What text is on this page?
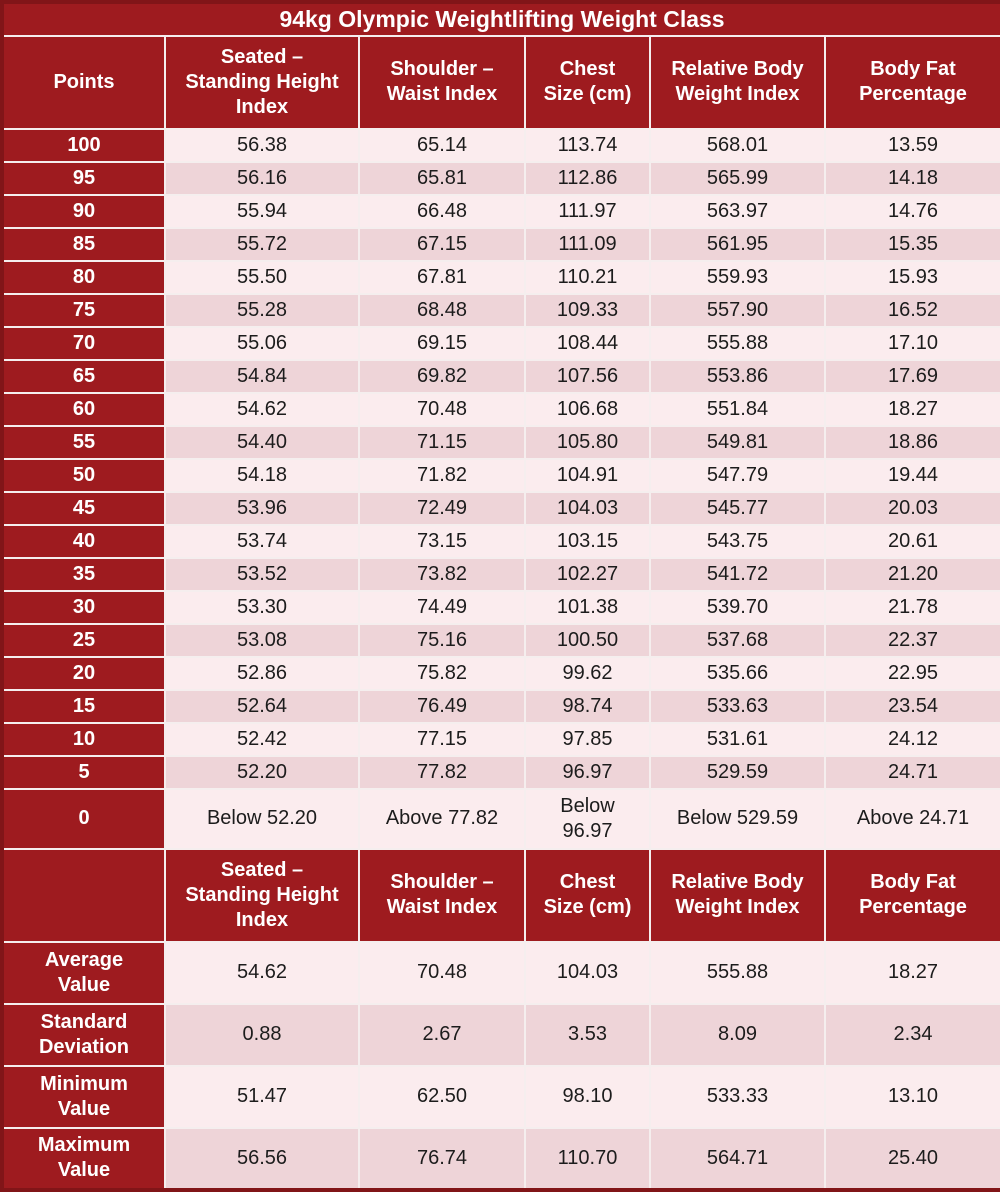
94kg Olympic Weightlifting Weight Class					
Points	Seated – Standing Height Index	Shoulder – Waist Index	Chest Size (cm)	Relative Body Weight Index	Body Fat Percentage
100	56.38	65.14	113.74	568.01	13.59
95	56.16	65.81	112.86	565.99	14.18
90	55.94	66.48	111.97	563.97	14.76
85	55.72	67.15	111.09	561.95	15.35
80	55.50	67.81	110.21	559.93	15.93
75	55.28	68.48	109.33	557.90	16.52
70	55.06	69.15	108.44	555.88	17.10
65	54.84	69.82	107.56	553.86	17.69
60	54.62	70.48	106.68	551.84	18.27
55	54.40	71.15	105.80	549.81	18.86
50	54.18	71.82	104.91	547.79	19.44
45	53.96	72.49	104.03	545.77	20.03
40	53.74	73.15	103.15	543.75	20.61
35	53.52	73.82	102.27	541.72	21.20
30	53.30	74.49	101.38	539.70	21.78
25	53.08	75.16	100.50	537.68	22.37
20	52.86	75.82	99.62	535.66	22.95
15	52.64	76.49	98.74	533.63	23.54
10	52.42	77.15	97.85	531.61	24.12
5	52.20	77.82	96.97	529.59	24.71
0	Below 52.20	Above 77.82	Below 96.97	Below 529.59	Above 24.71
	Seated – Standing Height Index	Shoulder – Waist Index	Chest Size (cm)	Relative Body Weight Index	Body Fat Percentage
Average Value	54.62	70.48	104.03	555.88	18.27
Standard Deviation	0.88	2.67	3.53	8.09	2.34
Minimum Value	51.47	62.50	98.10	533.33	13.10
Maximum Value	56.56	76.74	110.70	564.71	25.40
